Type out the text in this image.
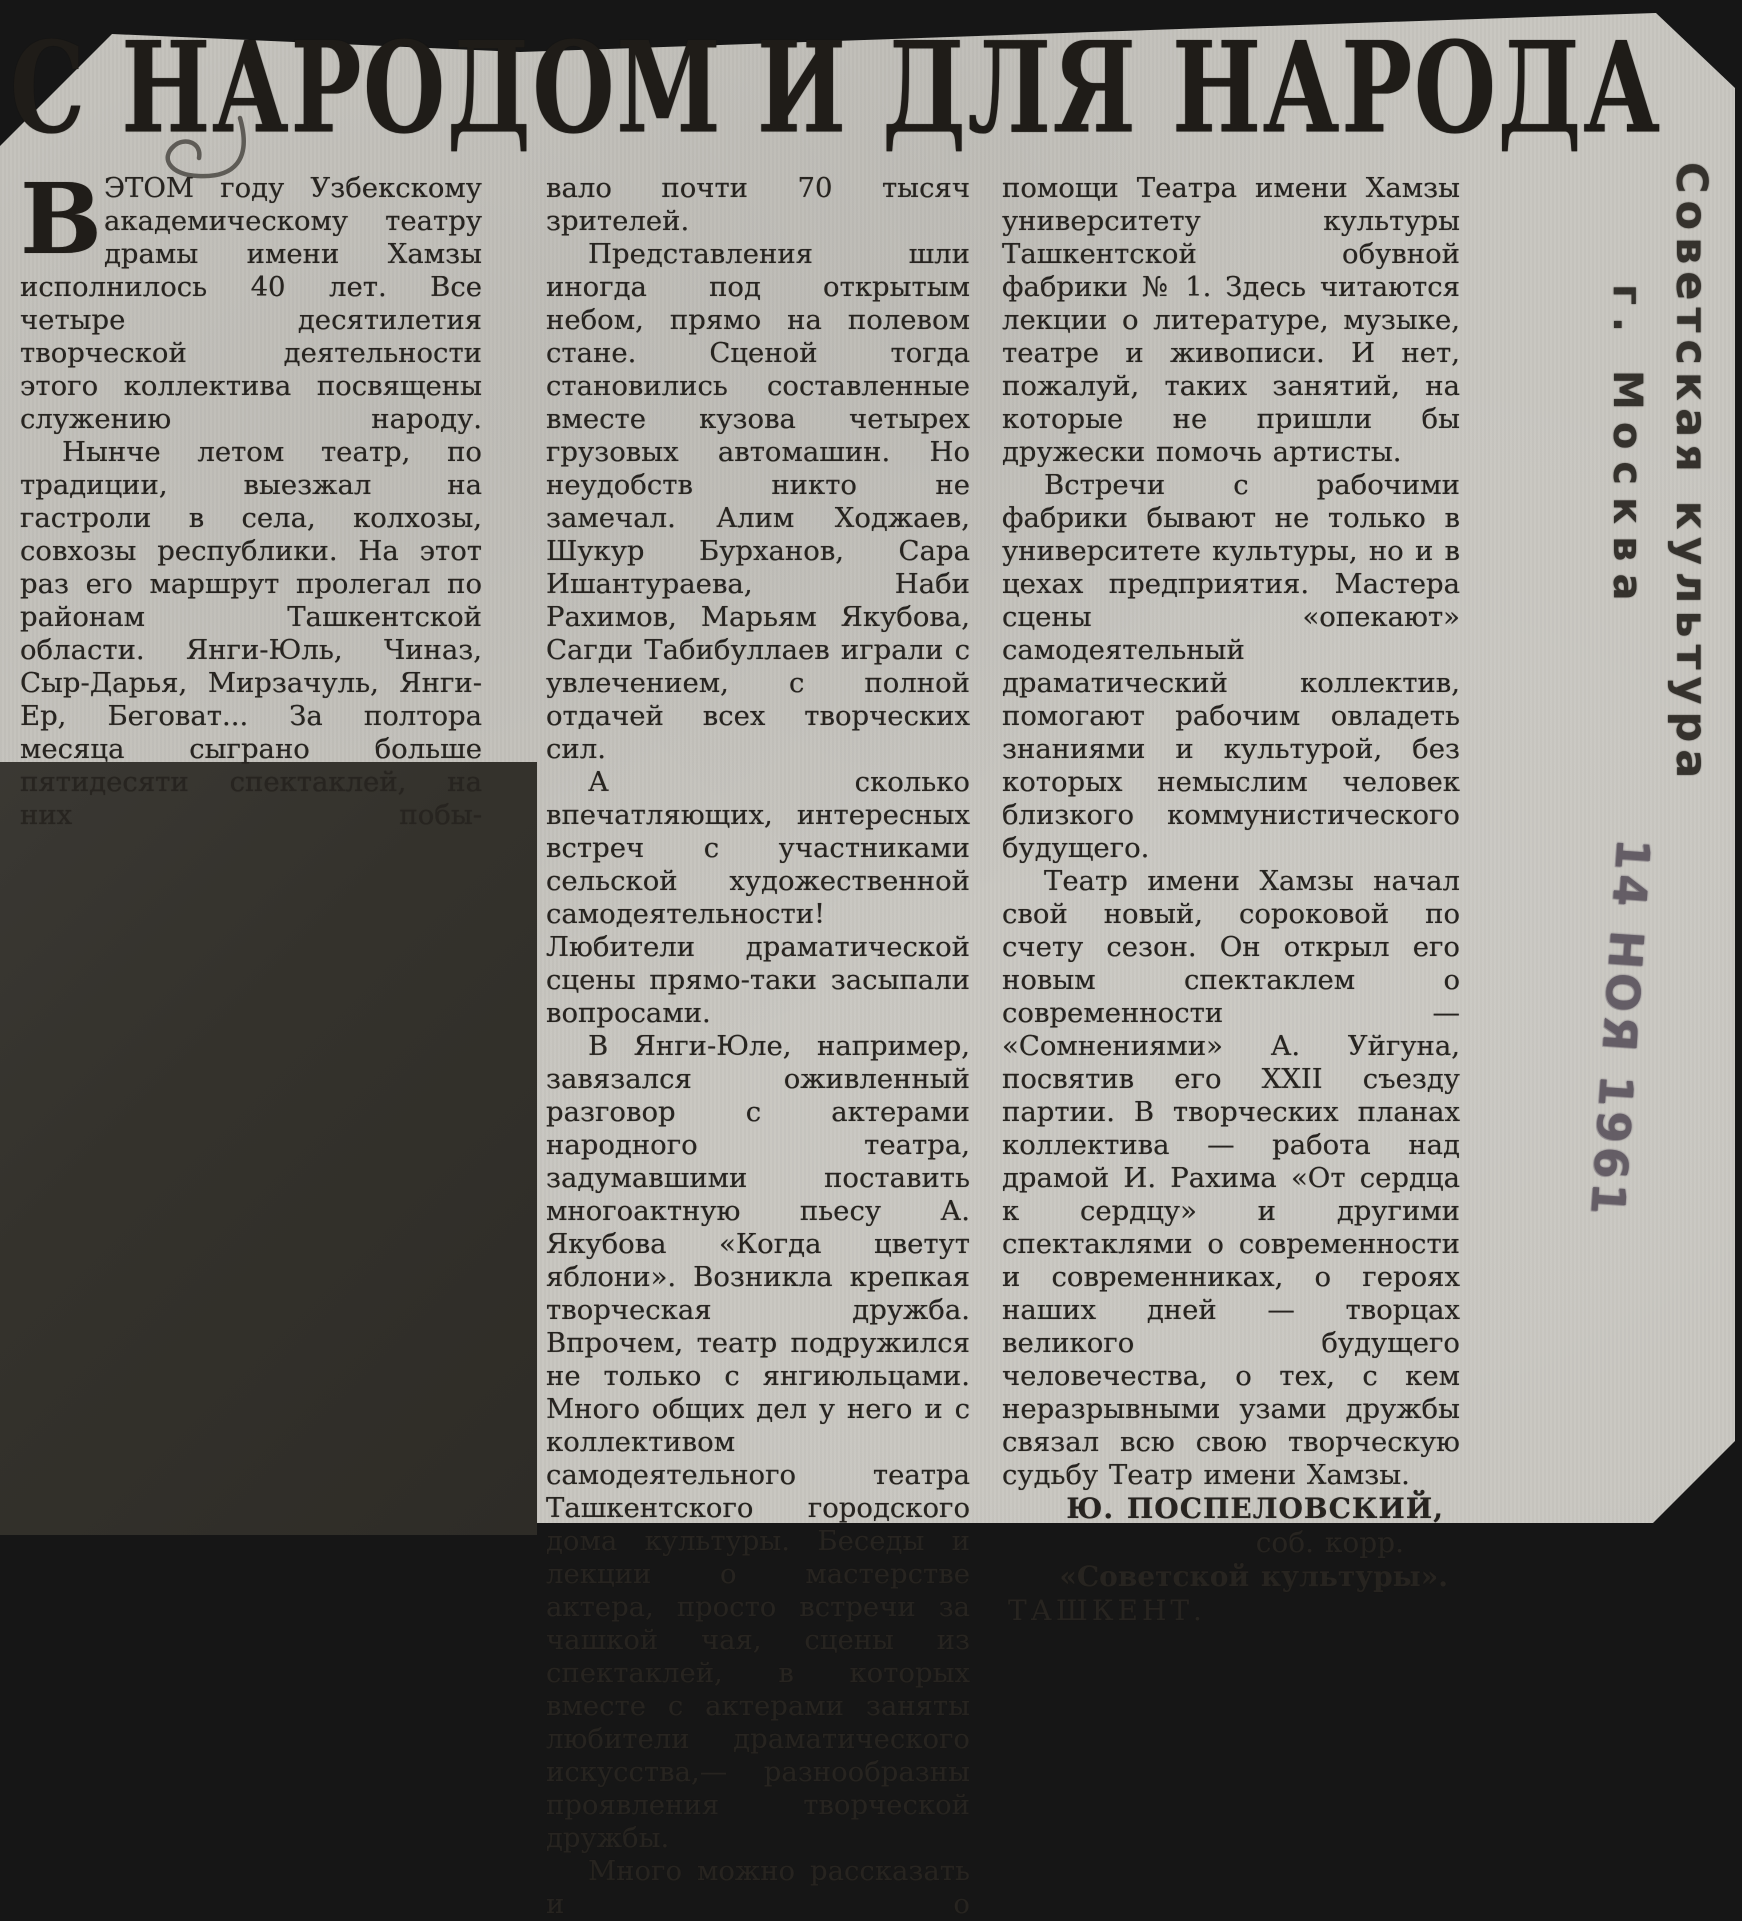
С НАРОДОМ И ДЛЯ НАРОДА

ВЭТОМ году Узбекскому академическому театру драмы имени Хамзы исполнилось 40 лет. Все четыре десятилетия творческой деятельности этого коллектива посвящены служению народу.

Нынче летом театр, по традиции, выезжал на гастроли в села, колхозы, совхозы республики. На этот раз его маршрут пролегал по районам Ташкентской области. Янги-Юль, Чиназ, Сыр-Дарья, Мирзачуль, Янги-Ер, Беговат... За полтора месяца сыграно больше пятидесяти спектаклей, на них побы-

вало почти 70 тысяч зрителей.

Представления шли иногда под открытым небом, прямо на полевом стане. Сценой тогда становились составленные вместе кузова четырех грузовых автомашин. Но неудобств никто не замечал. Алим Ходжаев, Шукур Бурханов, Сара Ишантураева, Наби Рахимов, Марьям Якубова, Сагди Табибуллаев играли с увлечением, с полной отдачей всех творческих сил.

А сколько впечатляющих, интересных встреч с участниками сельской художественной самодеятельности! Любители драматической сцены прямо-таки засыпали вопросами.

В Янги-Юле, например, завязался оживленный разговор с актерами народного театра, задумавшими поставить многоактную пьесу А. Якубова «Когда цветут яблони». Возникла крепкая творческая дружба. Впрочем, театр подружился не только с янгиюльцами. Много общих дел у него и с коллективом самодеятельного театра Ташкентского городского дома культуры. Беседы и лекции о мастерстве актера, просто встречи за чашкой чая, сцены из спектаклей, в которых вместе с актерами заняты любители драматического искусства,— разнообразны проявления творческой дружбы.

Много можно рассказать и о

помощи Театра имени Хамзы университету культуры Ташкентской обувной фабрики № 1. Здесь читаются лекции о литературе, музыке, театре и живописи. И нет, пожалуй, таких занятий, на которые не пришли бы дружески помочь артисты.

Встречи с рабочими фабрики бывают не только в университете культуры, но и в цехах предприятия. Мастера сцены «опекают» самодеятельный драматический коллектив, помогают рабочим овладеть знаниями и культурой, без которых немыслим человек близкого коммунистического будущего.

Театр имени Хамзы начал свой новый, сороковой по счету сезон. Он открыл его новым спектаклем о современности — «Сомнениями» А. Уйгуна, посвятив его XXII съезду партии. В творческих планах коллектива — работа над драмой И. Рахима «От сердца к сердцу» и другими спектаклями о современности и современниках, о героях наших дней — творцах великого будущего человечества, о тех, с кем неразрывными узами дружбы связал всю свою творческую судьбу Театр имени Хамзы.

Ю. ПОСПЕЛОВСКИЙ,
соб. корр.
«Советской культуры».
ТАШКЕНТ.
Советская культура
г. Москва
14 НОЯ 1961
